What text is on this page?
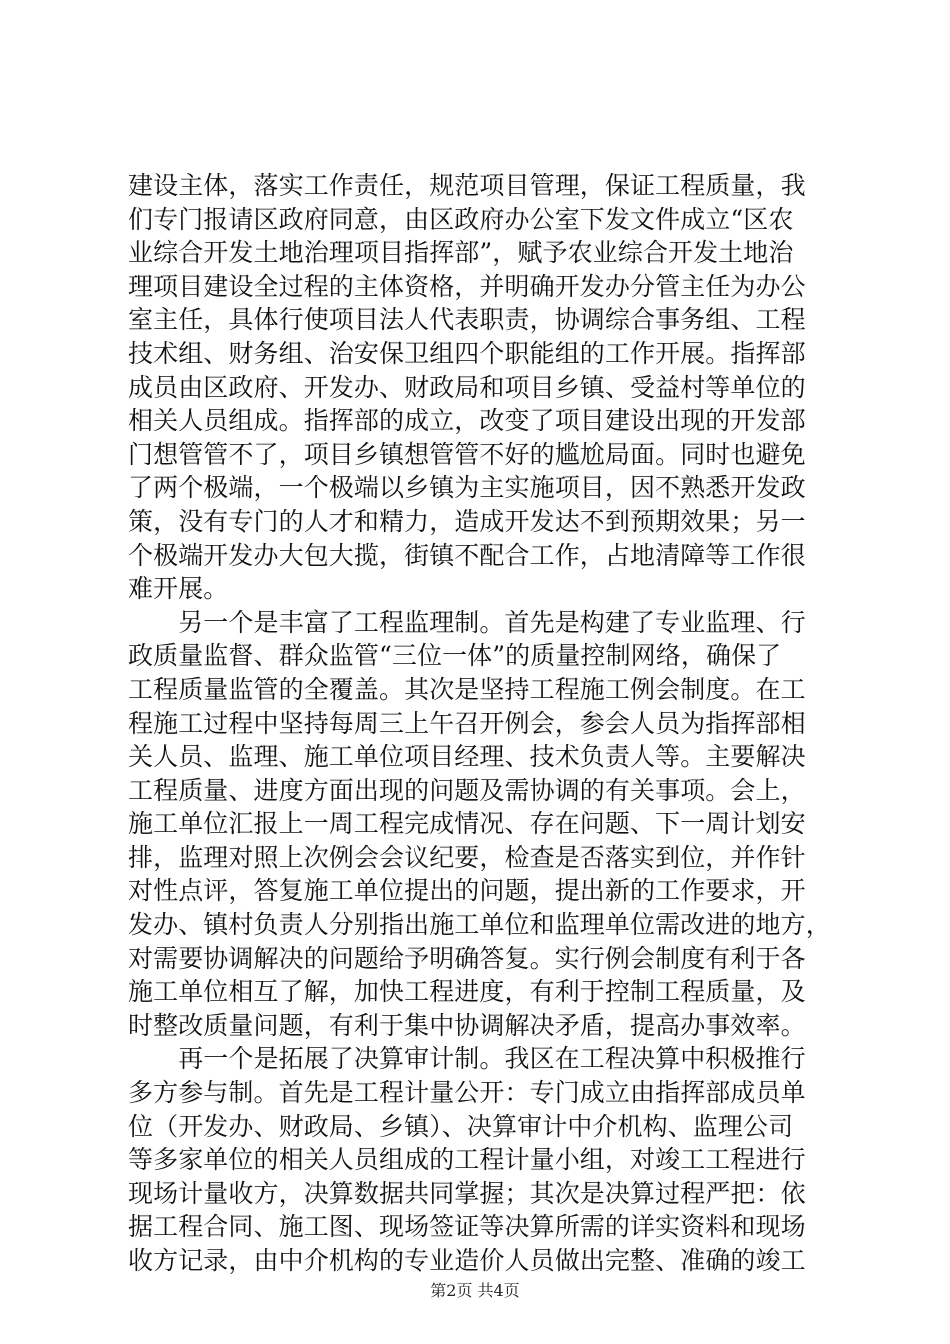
建设主体，落实工作责任，规范项目管理，保证工程质量，我
们专门报请区政府同意，由区政府办公室下发文件成立“区农
业综合开发土地治理项目指挥部”，赋予农业综合开发土地治
理项目建设全过程的主体资格，并明确开发办分管主任为办公
室主任，具体行使项目法人代表职责，协调综合事务组、工程
技术组、财务组、治安保卫组四个职能组的工作开展。指挥部
成员由区政府、开发办、财政局和项目乡镇、受益村等单位的
相关人员组成。指挥部的成立，改变了项目建设出现的开发部
门想管管不了，项目乡镇想管管不好的尴尬局面。同时也避免
了两个极端，一个极端以乡镇为主实施项目，因不熟悉开发政
策，没有专门的人才和精力，造成开发达不到预期效果；另一
个极端开发办大包大揽，街镇不配合工作，占地清障等工作很
难开展。
　　另一个是丰富了工程监理制。首先是构建了专业监理、行
政质量监督、群众监管“三位一体”的质量控制网络，确保了
工程质量监管的全覆盖。其次是坚持工程施工例会制度。在工
程施工过程中坚持每周三上午召开例会，参会人员为指挥部相
关人员、监理、施工单位项目经理、技术负责人等。主要解决
工程质量、进度方面出现的问题及需协调的有关事项。会上，
施工单位汇报上一周工程完成情况、存在问题、下一周计划安
排，监理对照上次例会会议纪要，检查是否落实到位，并作针
对性点评，答复施工单位提出的问题，提出新的工作要求，开
发办、镇村负责人分别指出施工单位和监理单位需改进的地方，
对需要协调解决的问题给予明确答复。实行例会制度有利于各
施工单位相互了解，加快工程进度，有利于控制工程质量，及
时整改质量问题，有利于集中协调解决矛盾，提高办事效率。
　　再一个是拓展了决算审计制。我区在工程决算中积极推行
多方参与制。首先是工程计量公开：专门成立由指挥部成员单
位（开发办、财政局、乡镇）、决算审计中介机构、监理公司
等多家单位的相关人员组成的工程计量小组，对竣工工程进行
现场计量收方，决算数据共同掌握；其次是决算过程严把：依
据工程合同、施工图、现场签证等决算所需的详实资料和现场
收方记录，由中介机构的专业造价人员做出完整、准确的竣工
第2页 共4页
